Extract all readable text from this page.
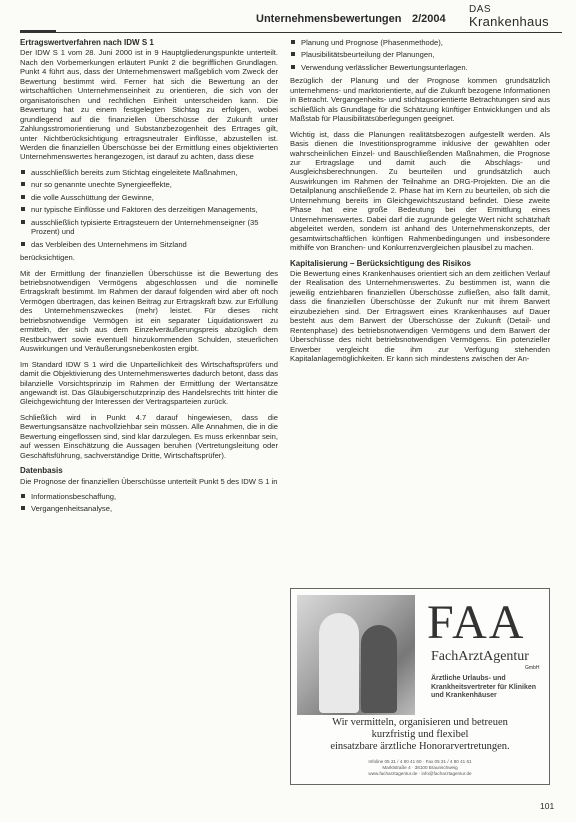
Unternehmensbewertungen 2/2004
DAS
Krankenhaus
Ertragswertverfahren nach IDW S 1

Der IDW S 1 vom 28. Juni 2000 ist in 9 Hauptgliederungspunkte unterteilt. Nach den Vorbemerkungen erläutert Punkt 2 die begrifflichen Grundlagen. Punkt 4 führt aus, dass der Unternehmenswert maßgeblich vom Zweck der Bewertung bestimmt wird. Ferner hat sich die Bewertung an der wirtschaftlichen Unternehmenseinheit zu orientieren, die sich von der organisatorischen und rechtlichen Einheit unterscheiden kann. Die Bewertung hat zu einem festgelegten Stichtag zu erfolgen, wobei grundlegend auf die finanziellen Überschüsse der Zukunft unter Zahlungsstromorientierung und Substanzbezogenheit des Ertrages gilt, unter Nichtberücksichtigung ertragsneutraler Einflüsse, abzustellen ist. Werden die finanziellen Überschüsse bei der Ermittlung eines objektivierten Unternehmenswertes herangezogen, ist darauf zu achten, dass diese

ausschließlich bereits zum Stichtag eingeleitete Maßnahmen,
nur so genannte unechte Synergieeffekte,
die volle Ausschüttung der Gewinne,
nur typische Einflüsse und Faktoren des derzeitigen Managements,
ausschließlich typisierte Ertragsteuern der Unternehmenseigner (35 Prozent) und
das Verbleiben des Unternehmens im Sitzland

berücksichtigen.

Mit der Ermittlung der finanziellen Überschüsse ist die Bewertung des betriebsnotwendigen Vermögens abgeschlossen und die nominelle Ertragskraft bestimmt. Im Rahmen der darauf folgenden wird aber oft noch Vermögen übertragen, das keinen Beitrag zur Ertragskraft bzw. zur Erfüllung des Unternehmenszweckes (mehr) leistet. Für dieses nicht betriebsnotwendige Vermögen ist ein separater Liquidationswert zu ermitteln, der sich aus dem Einzelveräußerungspreis abzüglich dem Restbuchwert sowie eventuell hinzukommenden Schulden, steuerlichen Auswirkungen und Veräußerungsnebenkosten ergibt.

Im Standard IDW S 1 wird die Unparteilichkeit des Wirtschaftsprüfers und damit die Objektivierung des Unternehmenswertes dadurch betont, dass das bilanzielle Vorsichtsprinzip im Rahmen der Ermittlung der Wertansätze angewandt ist. Das Gläubigerschutzprinzip des Handelsrechts tritt hinter die Gleichgewichtung der Interessen der Vertragsparteien zurück.

Schließlich wird in Punkt 4.7 darauf hingewiesen, dass die Bewertungsansätze nachvollziehbar sein müssen. Alle Annahmen, die in die Bewertung eingeflossen sind, sind klar darzulegen. Es muss erkennbar sein, auf wessen Einschätzung die Aussagen beruhen (Vertretungsleitung oder Geschäftsführung, sachverständige Dritte, Wirtschaftsprüfer).

Datenbasis

Die Prognose der finanziellen Überschüsse unterteilt Punkt 5 des IDW S 1 in

Informationsbeschaffung,
Vergangenheitsanalyse,
Planung und Prognose (Phasenmethode),
Plausibilitätsbeurteilung der Planungen,
Verwendung verlässlicher Bewertungsunterlagen.

Bezüglich der Planung und der Prognose kommen grundsätzlich unternehmens- und marktorientierte, auf die Zukunft bezogene Informationen in Betracht. Vergangenheits- und stichtagsorientierte Betrachtungen sind aus schließlich als Grundlage für die Schätzung künftiger Entwicklungen und als Maßstab für Plausibilitätsüberlegungen geeignet.

Wichtig ist, dass die Planungen realitätsbezogen aufgestellt werden. Als Basis dienen die Investitionsprogramme inklusive der gewählten oder wahrscheinlichen Einzel- und Bauschließenden Maßnahmen, die Prognose zur Ertragslage und damit auch die Abschlags- und Ausgleichsberechnungen. Zu beurteilen und grundsätzlich auch Auswirkungen im Rahmen der Teilnahme an DRG-Projekten. Die an die Detailplanung anschließende 2. Phase hat im Kern zu beurteilen, ob sich die Unternehmung bereits im Gleichgewichtszustand befindet. Diese zweite Phase hat eine große Bedeutung bei der Ermittlung eines Unternehmenswertes. Dabei darf die zugrunde gelegte Wert nicht schätzhaft abgeleitet werden, sondern ist anhand des Unternehmenskonzepts, der gesamtwirtschaftlichen künftigen Rahmenbedingungen und insbesondere mithilfe von Branchen- und Konkurrenzvergleichen plausibel zu machen.

Kapitalisierung – Berücksichtigung des Risikos

Die Bewertung eines Krankenhauses orientiert sich an dem zeitlichen Verlauf der Realisation des Unternehmenswertes. Zu bestimmen ist, wann die jeweilig entziehbaren finanziellen Überschüsse zufließen, also fällt damit, dass die finanziellen Überschüsse der Zukunft nur mit ihrem Barwert einzubeziehen sind. Der Ertragswert eines Krankenhauses auf Dauer besteht aus dem Barwert der Überschüsse der Zukunft (Detail- und Rentenphase) des betriebsnotwendigen Vermögens und dem Barwert der Überschüsse des nicht betriebsnotwendigen Vermögens. Ein potenzieller Erwerber vergleicht die ihm zur Verfügung stehenden Kapitalanlagemöglichkeiten. Er kann sich mindestens zwischen der An-

FAA
FachArztAgentur
GmbH
Ärztliche Urlaubs- und Krankheitsvertreter für Kliniken und Krankenhäuser
Wir vermitteln, organisieren und betreuen
kurzfristig und flexibel
einsatzbare ärztliche Honorarvertretungen.
Infoline 05 31 / 4 80 41 60 · Fax 05 31 / 4 80 41 61
Marktstraße 4 · 38100 Braunschweig
www.facharztagentur.de · info@facharztagentur.de
101
